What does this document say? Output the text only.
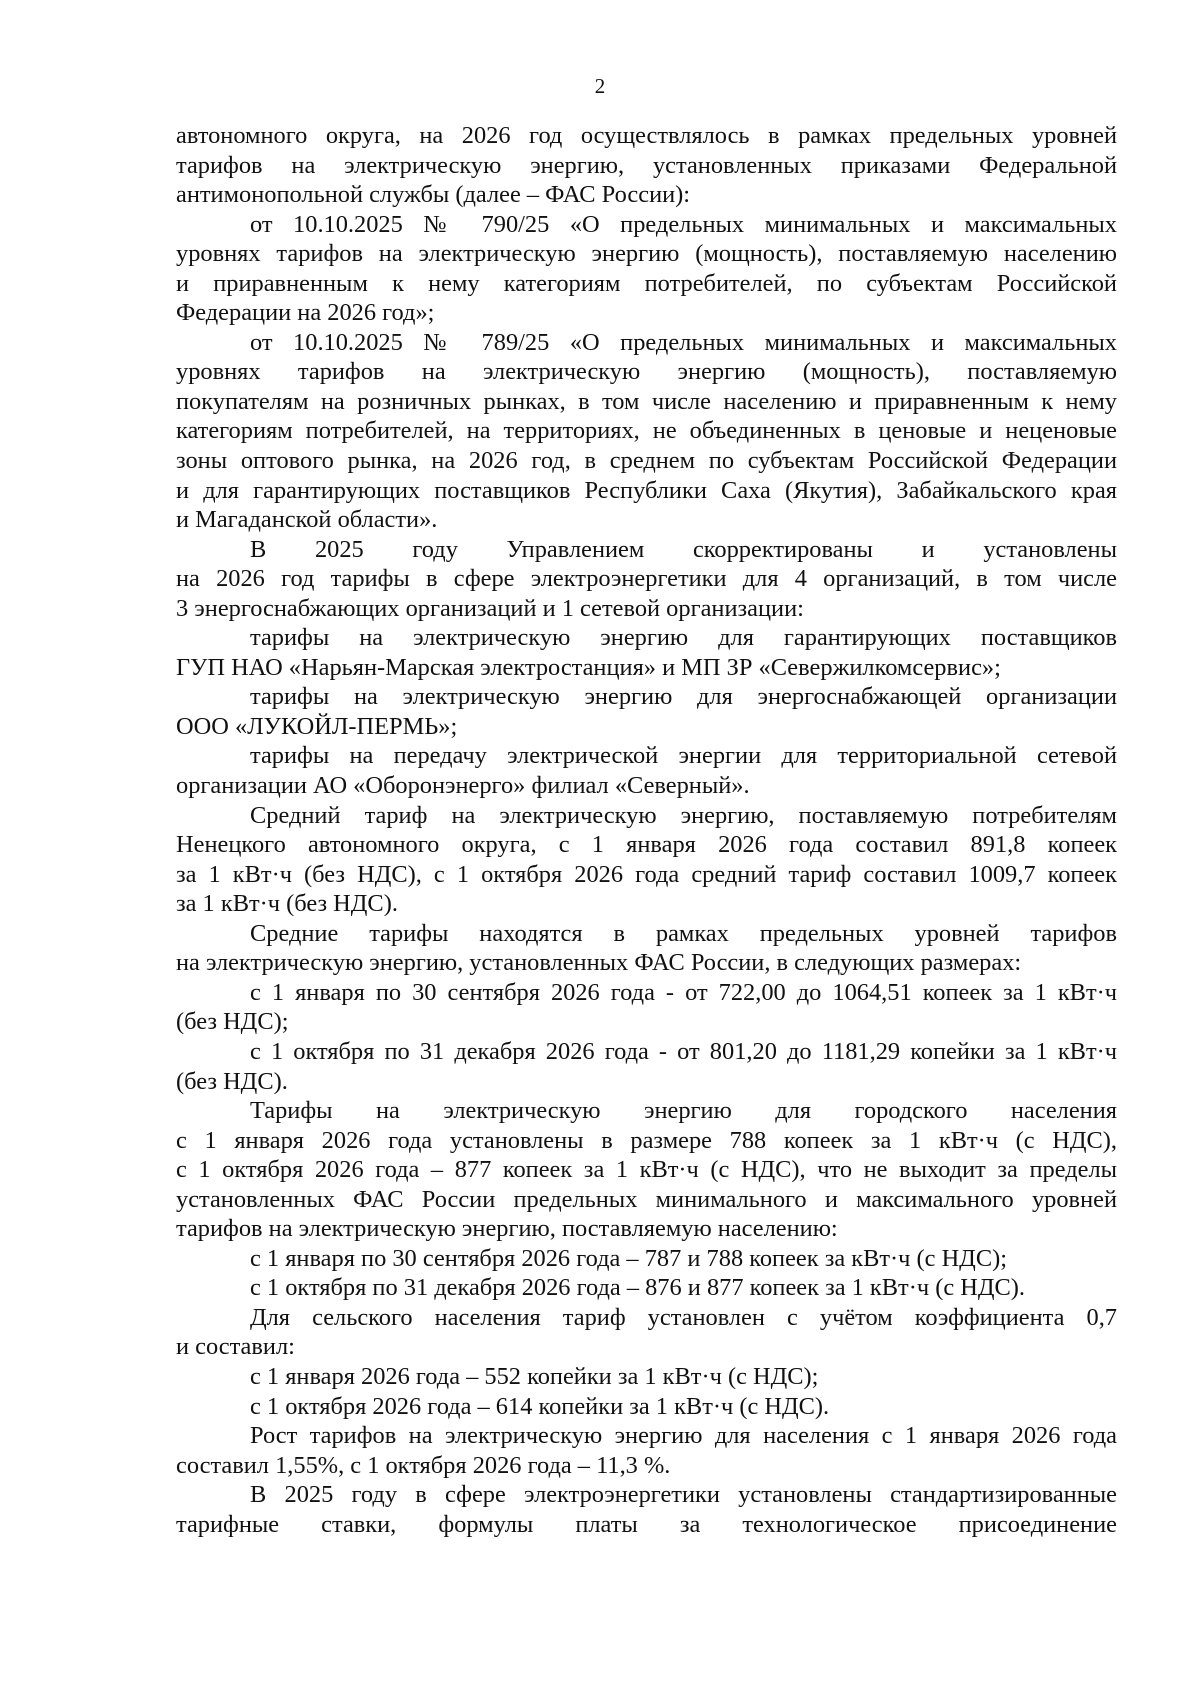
2

автономного округа, на 2026 год осуществлялось в рамках предельных уровней

тарифов на электрическую энергию, установленных приказами Федеральной

антимонопольной службы (далее – ФАС России):

от 10.10.2025 № 790/25 «О предельных минимальных и максимальных

уровнях тарифов на электрическую энергию (мощность), поставляемую населению

и приравненным к нему категориям потребителей, по субъектам Российской

Федерации на 2026 год»;

от 10.10.2025 № 789/25 «О предельных минимальных и максимальных

уровнях тарифов на электрическую энергию (мощность), поставляемую

покупателям на розничных рынках, в том числе населению и приравненным к нему

категориям потребителей, на территориях, не объединенных в ценовые и неценовые

зоны оптового рынка, на 2026 год, в среднем по субъектам Российской Федерации

и для гарантирующих поставщиков Республики Саха (Якутия), Забайкальского края

и Магаданской области».

В 2025 году Управлением скорректированы и установлены

на 2026 год тарифы в сфере электроэнергетики для 4 организаций, в том числе

3 энергоснабжающих организаций и 1 сетевой организации:

тарифы на электрическую энергию для гарантирующих поставщиков

ГУП НАО «Нарьян-Марская электростанция» и МП ЗР «Севержилкомсервис»;

тарифы на электрическую энергию для энергоснабжающей организации

ООО «ЛУКОЙЛ-ПЕРМЬ»;

тарифы на передачу электрической энергии для территориальной сетевой

организации АО «Оборонэнерго» филиал «Северный».

Средний тариф на электрическую энергию, поставляемую потребителям

Ненецкого автономного округа, с 1 января 2026 года составил 891,8 копеек

за 1 кВт·ч (без НДС), с 1 октября 2026 года средний тариф составил 1009,7 копеек

за 1 кВт·ч (без НДС).

Средние тарифы находятся в рамках предельных уровней тарифов

на электрическую энергию, установленных ФАС России, в следующих размерах:

с 1 января по 30 сентября 2026 года - от 722,00 до 1064,51 копеек за 1 кВт·ч

(без НДС);

с 1 октября по 31 декабря 2026 года - от 801,20 до 1181,29 копейки за 1 кВт·ч

(без НДС).

Тарифы на электрическую энергию для городского населения

с 1 января 2026 года установлены в размере 788 копеек за 1 кВт·ч (с НДС),

с 1 октября 2026 года – 877 копеек за 1 кВт·ч (с НДС), что не выходит за пределы

установленных ФАС России предельных минимального и максимального уровней

тарифов на электрическую энергию, поставляемую населению:

с 1 января по 30 сентября 2026 года – 787 и 788 копеек за кВт·ч (с НДС);

с 1 октября по 31 декабря 2026 года – 876 и 877 копеек за 1 кВт·ч (с НДС).

Для сельского населения тариф установлен с учётом коэффициента 0,7

и составил:

с 1 января 2026 года – 552 копейки за 1 кВт·ч (с НДС);

с 1 октября 2026 года – 614 копейки за 1 кВт·ч (с НДС).

Рост тарифов на электрическую энергию для населения с 1 января 2026 года

составил 1,55%, с 1 октября 2026 года – 11,3 %.

В 2025 году в сфере электроэнергетики установлены стандартизированные

тарифные ставки, формулы платы за технологическое присоединение
